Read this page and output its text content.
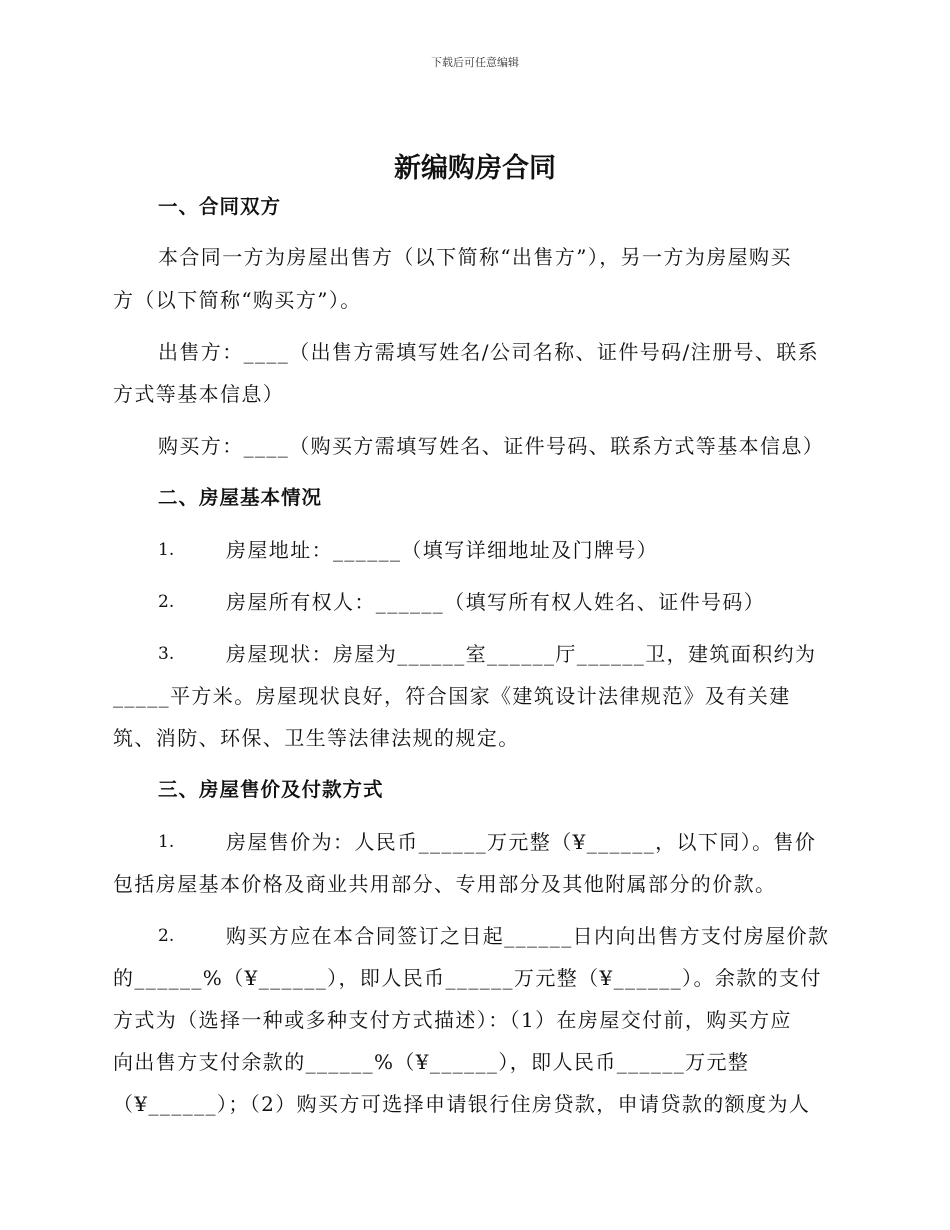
下载后可任意编辑
新编购房合同
一、合同双方
本合同一方为房屋出售方（以下简称“出售方”），另一方为房屋购买
方（以下简称“购买方”）。
出售方：____（出售方需填写姓名/公司名称、证件号码/注册号、联系
方式等基本信息）
购买方：____（购买方需填写姓名、证件号码、联系方式等基本信息）
二、房屋基本情况
1.	房屋地址：______（填写详细地址及门牌号）
2.	房屋所有权人：______（填写所有权人姓名、证件号码）
3.	房屋现状：房屋为______室______厅______卫，建筑面积约为
_____平方米。房屋现状良好，符合国家《建筑设计法律规范》及有关建
筑、消防、环保、卫生等法律法规的规定。
三、房屋售价及付款方式
1.	房屋售价为：人民币______万元整（¥______，以下同）。售价
包括房屋基本价格及商业共用部分、专用部分及其他附属部分的价款。
2.	购买方应在本合同签订之日起______日内向出售方支付房屋价款
的______%（¥______），即人民币______万元整（¥______）。余款的支付
方式为（选择一种或多种支付方式描述）：（1）在房屋交付前，购买方应
向出售方支付余款的______%（¥______），即人民币______万元整
（¥______）；（2）购买方可选择申请银行住房贷款，申请贷款的额度为人
